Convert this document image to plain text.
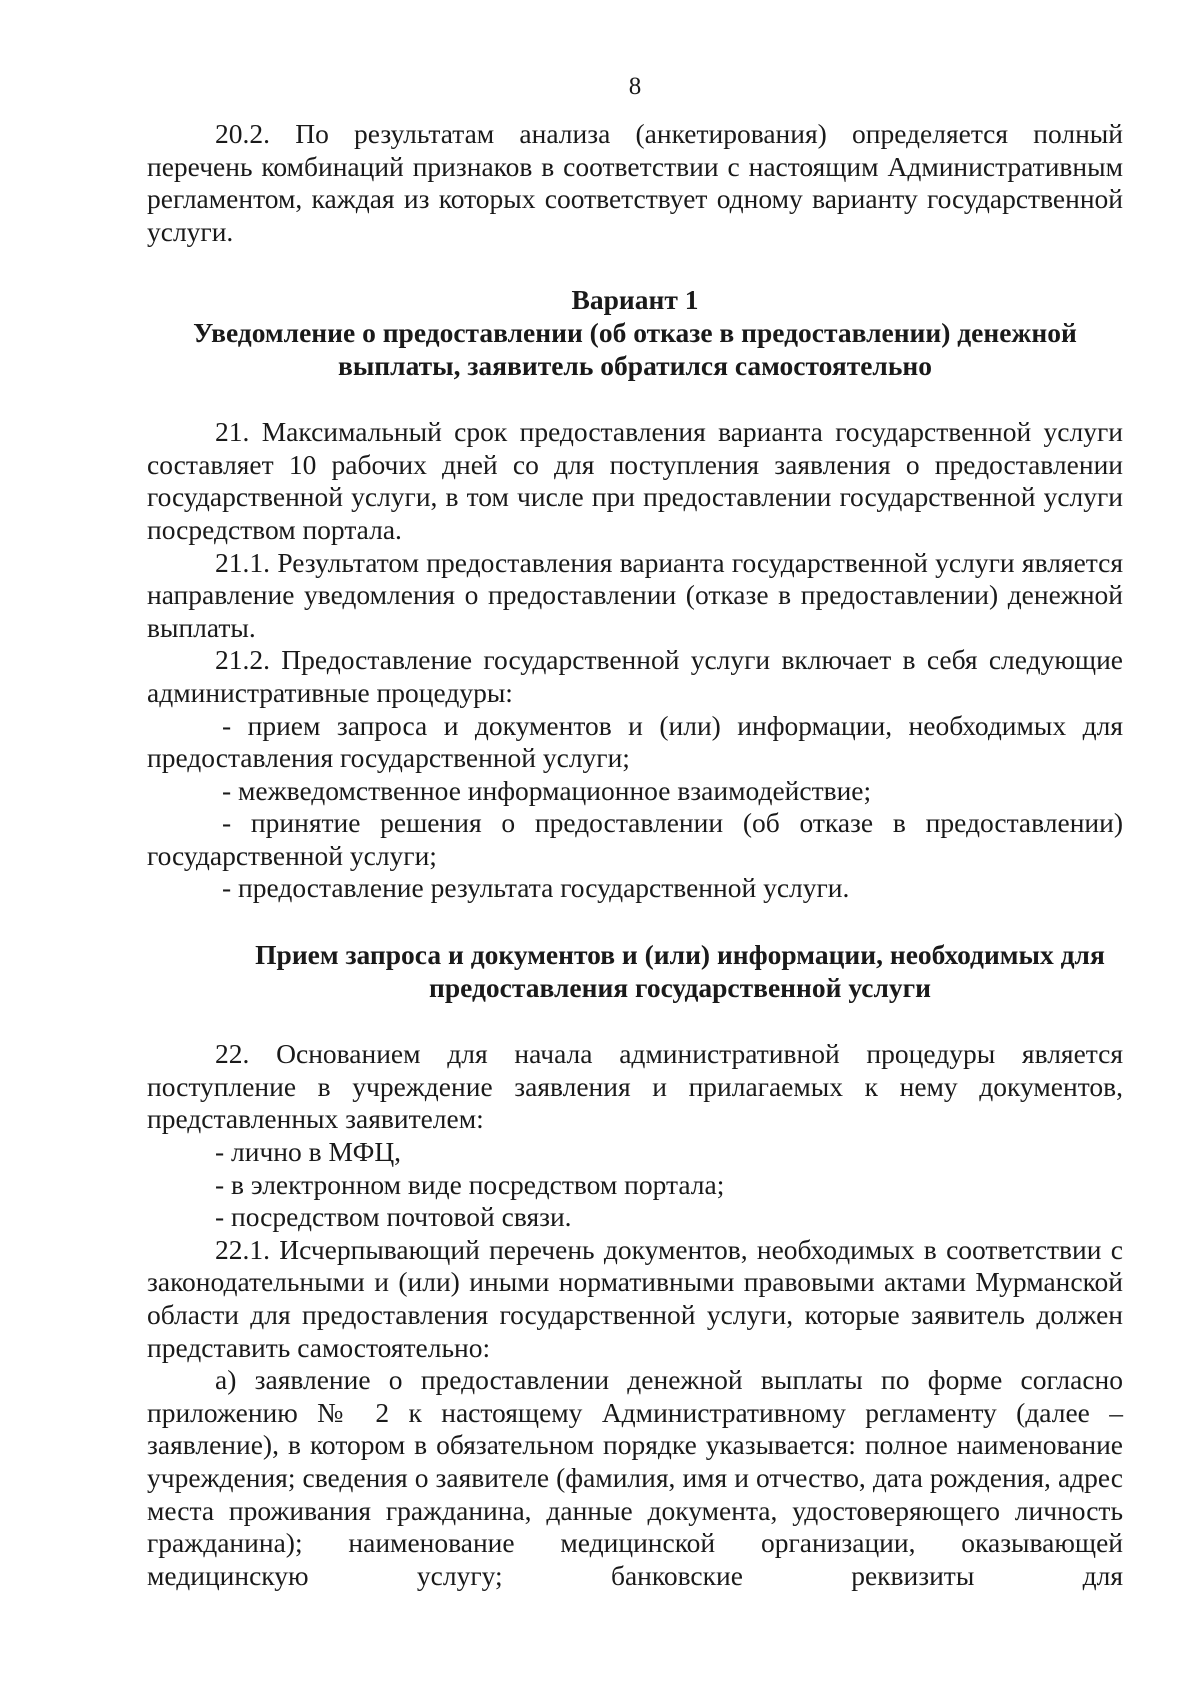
8

20.2. По результатам анализа (анкетирования) определяется полный перечень комбинаций признаков в соответствии с настоящим Административным регламентом, каждая из которых соответствует одному варианту государственной услуги.

Вариант 1
Уведомление о предоставлении (об отказе в предоставлении) денежной выплаты, заявитель обратился самостоятельно

21. Максимальный срок предоставления варианта государственной услуги составляет 10 рабочих дней со для поступления заявления о предоставлении государственной услуги, в том числе при предоставлении государственной услуги посредством портала.

21.1. Результатом предоставления варианта государственной услуги является направление уведомления о предоставлении (отказе в предоставлении) денежной выплаты.

21.2. Предоставление государственной услуги включает в себя следующие административные процедуры:

- прием запроса и документов и (или) информации, необходимых для предоставления государственной услуги;

- межведомственное информационное взаимодействие;

- принятие решения о предоставлении (об отказе в предоставлении) государственной услуги;

- предоставление результата государственной услуги.

Прием запроса и документов и (или) информации, необходимых для предоставления государственной услуги

22. Основанием для начала административной процедуры является поступление в учреждение заявления и прилагаемых к нему документов, представленных заявителем:

- лично в МФЦ,

- в электронном виде посредством портала;

- посредством почтовой связи.

22.1. Исчерпывающий перечень документов, необходимых в соответствии с законодательными и (или) иными нормативными правовыми актами Мурманской области для предоставления государственной услуги, которые заявитель должен представить самостоятельно:

а) заявление о предоставлении денежной выплаты по форме согласно приложению № 2 к настоящему Административному регламенту (далее – заявление), в котором в обязательном порядке указывается: полное наименование учреждения; сведения о заявителе (фамилия, имя и отчество, дата рождения, адрес места проживания гражданина, данные документа, удостоверяющего личность гражданина); наименование медицинской организации, оказывающей медицинскую услугу; банковские реквизиты для
